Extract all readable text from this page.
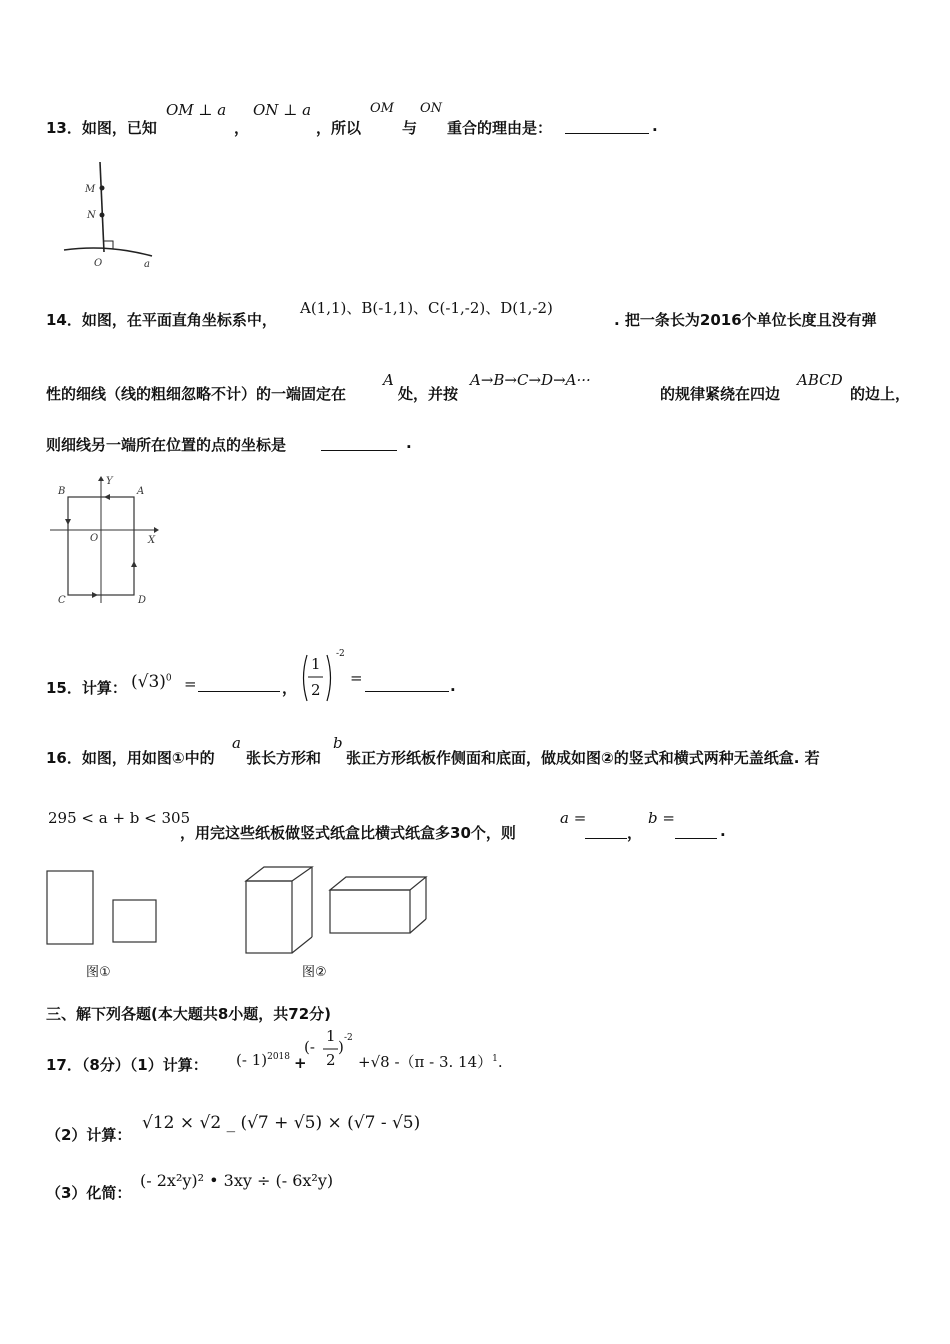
13．如图，已知
OM ⊥ a
，
ON ⊥ a
，所以
OM
与
ON
重合的理由是：	.
M
N
O	a
14．如图，在平面直角坐标系中，
A(1,1)、B(-1,1)、C(-1,-2)、D(1,-2)
. 把一条长为2016个单位长度且没有弹
性的细线（线的粗细忽略不计）的一端固定在
A
处，并按
A→B→C→D→A···
的规律紧绕在四边
ABCD
的边上，
则细线另一端所在位置的点的坐标是	.
B	A
C	D
O	X
Y
15．计算： $(√3)^0$ =	，
1
2
-2
=	.
16．如图，用如图①中的
a
张长方形和
b
张正方形纸板作侧面和底面，做成如图②的竖式和横式两种无盖纸盒. 若
295 < a + b < 305
，用完这些纸板做竖式纸盒比横式纸盒多30个，则
a =
，
b =
.
图①	图②
三、解下列各题(本大题共8小题，共72分)
17．（8分）（1）计算： (- 1)$^{2018}$ +
(-
1
2
) -2
+√8 -（π - 3. 14）$^1$.
（2）计算：
√12 × √2 _ (√7 + √5) × (√7 - √5)
（3）化简：
(- 2x²y)² • 3xy ÷ (- 6x²y)
